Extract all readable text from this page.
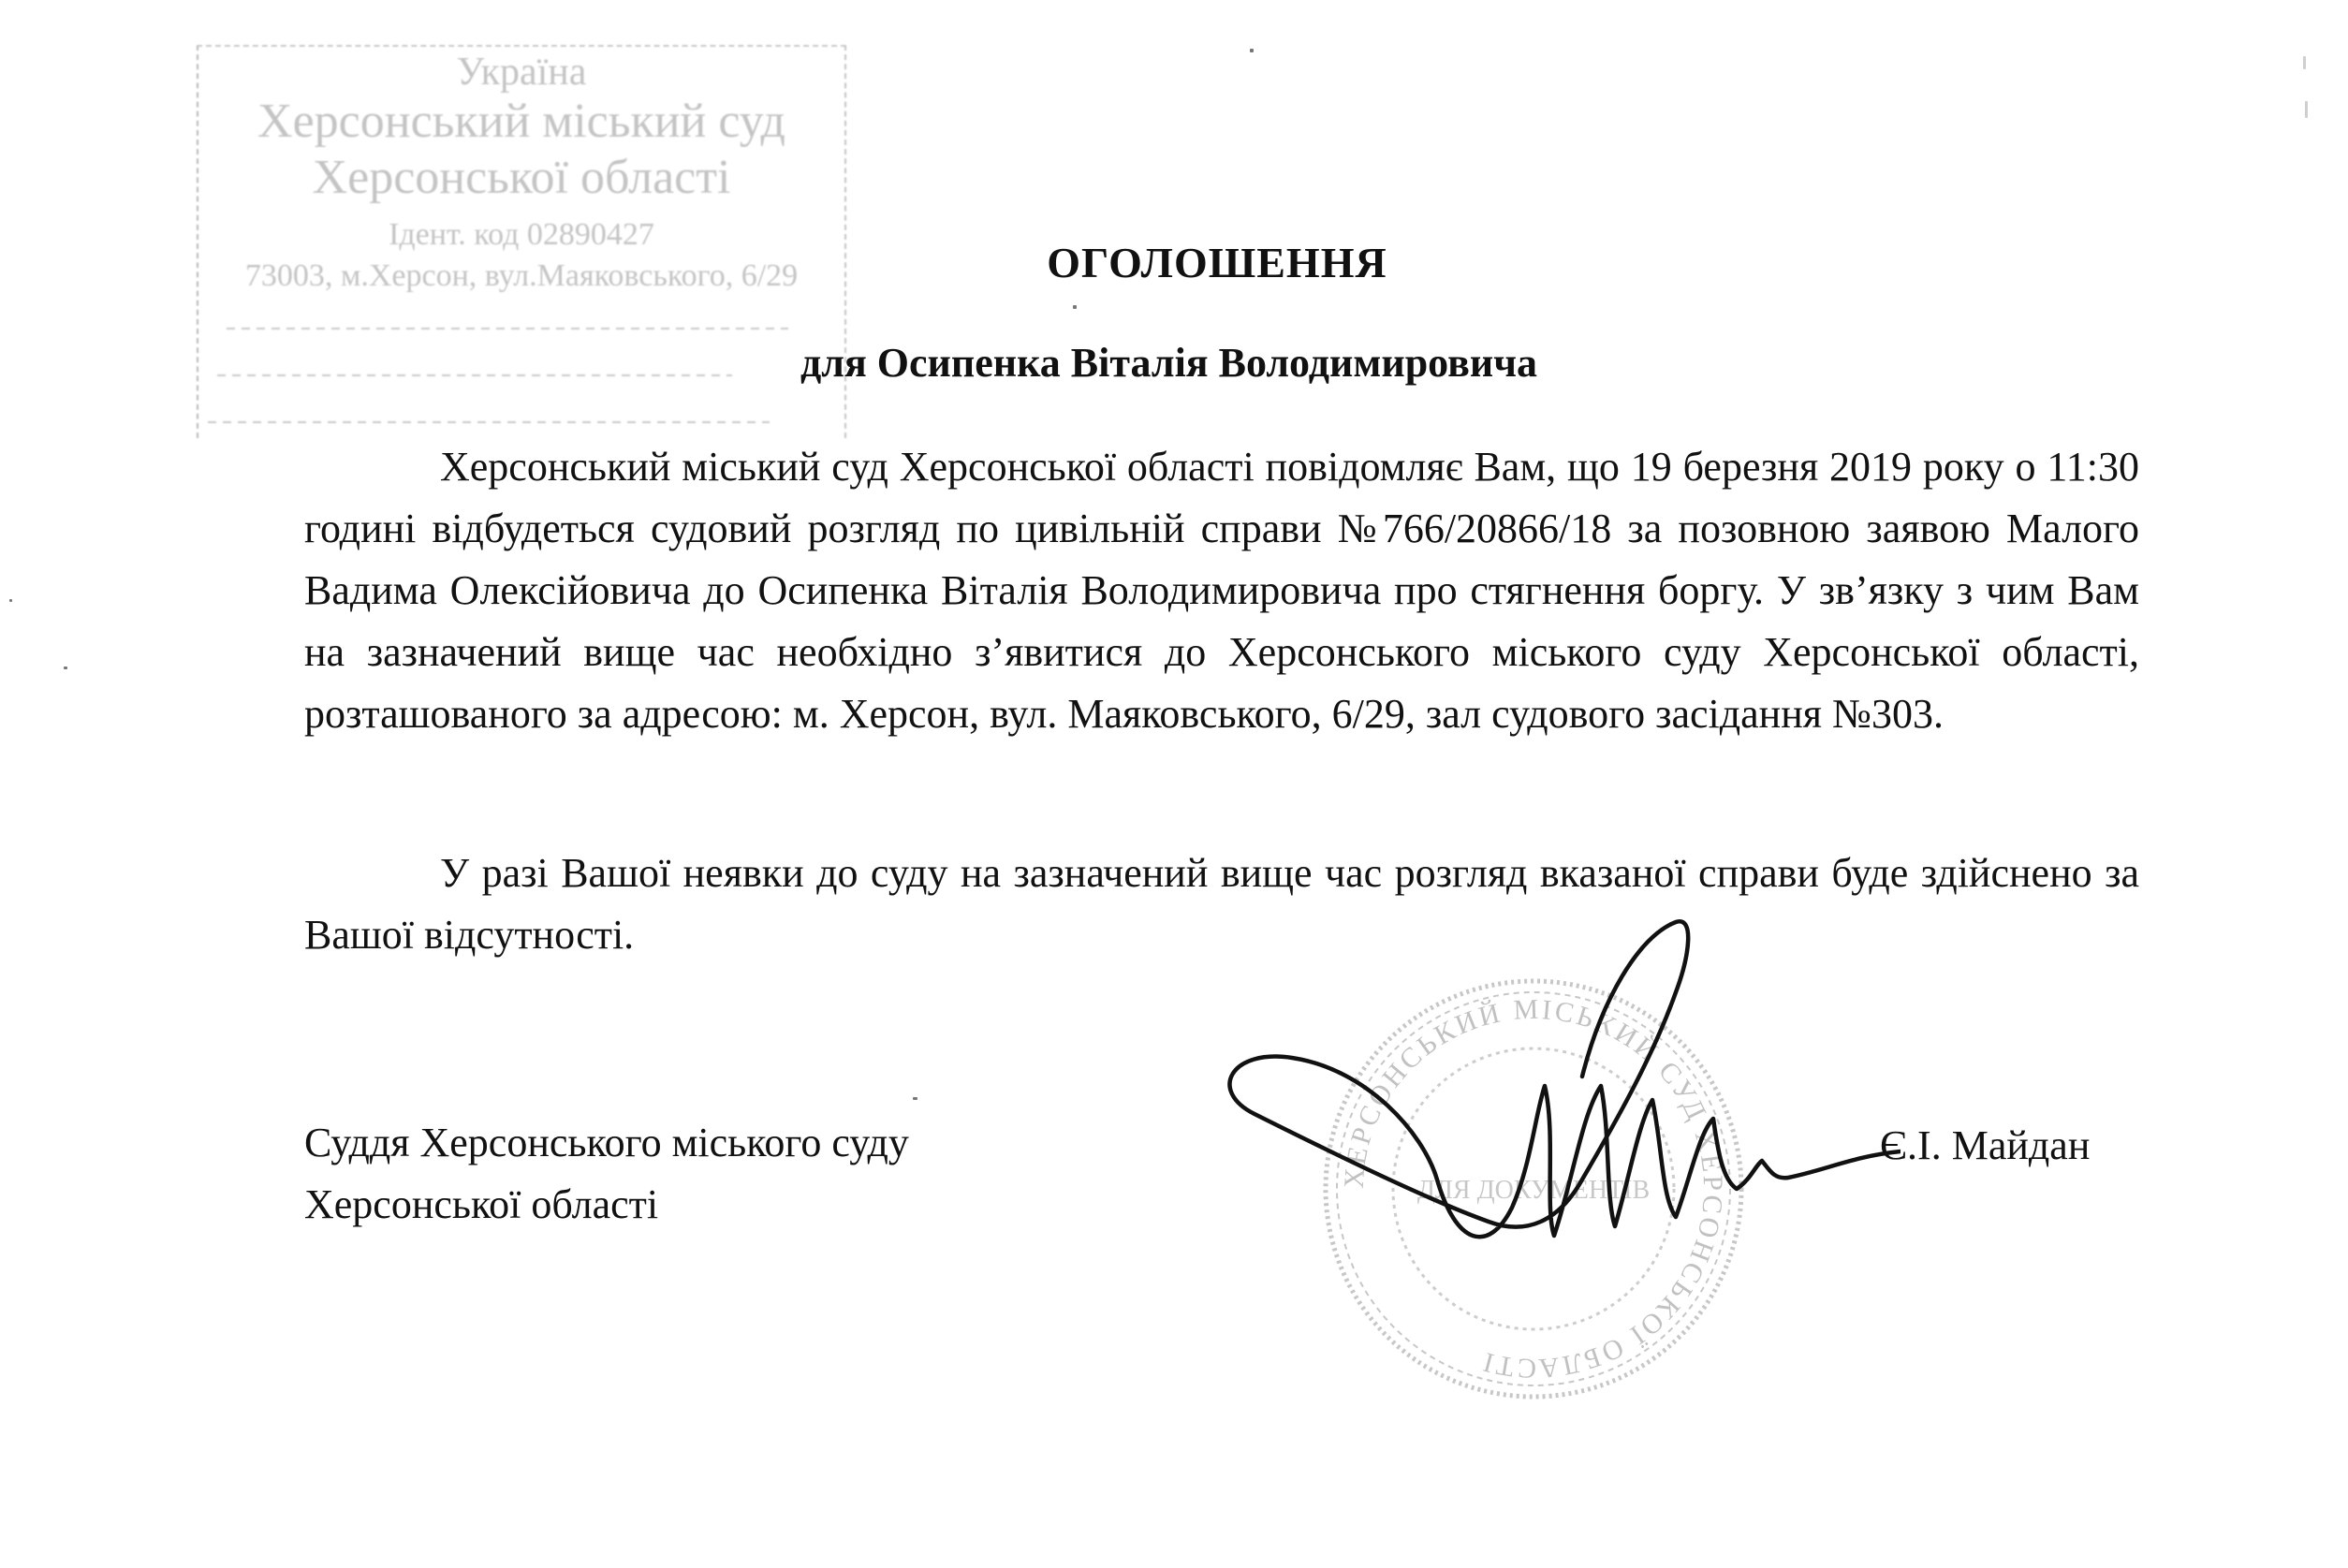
Україна
Херсонський міський суд
Херсонської області
Ідент. код 02890427
73003, м.Херсон, вул.Маяковського, 6/29	ОГОЛОШЕННЯ
для Осипенка Віталія Володимировича

Херсонський міський суд Херсонської області повідомляє Вам, що 19 березня 2019 року о 11:30 годині відбудеться судовий розгляд по цивільній справи №766/20866/18 за позовною заявою Малого Вадима Олексійовича до Осипенка Віталія Володимировича про стягнення боргу. У зв’язку з чим Вам на зазначений вище час необхідно з’явитися до Херсонського міського суду Херсонської області, розташованого за адресою: м. Херсон, вул. Маяковського, 6/29, зал судового засідання №303.

У разі Вашої неявки до суду на зазначений вище час розгляд вказаної справи буде здійснено за Вашої відсутності.

Суддя Херсонського міського суду
Херсонської області
ХЕРСОНСЬКИЙ МІСЬКИЙ СУД ХЕРСОНСЬКОЇ ОБЛАСТІ
ДЛЯ ДОКУМЕНТІВ
Є.І. Майдан
